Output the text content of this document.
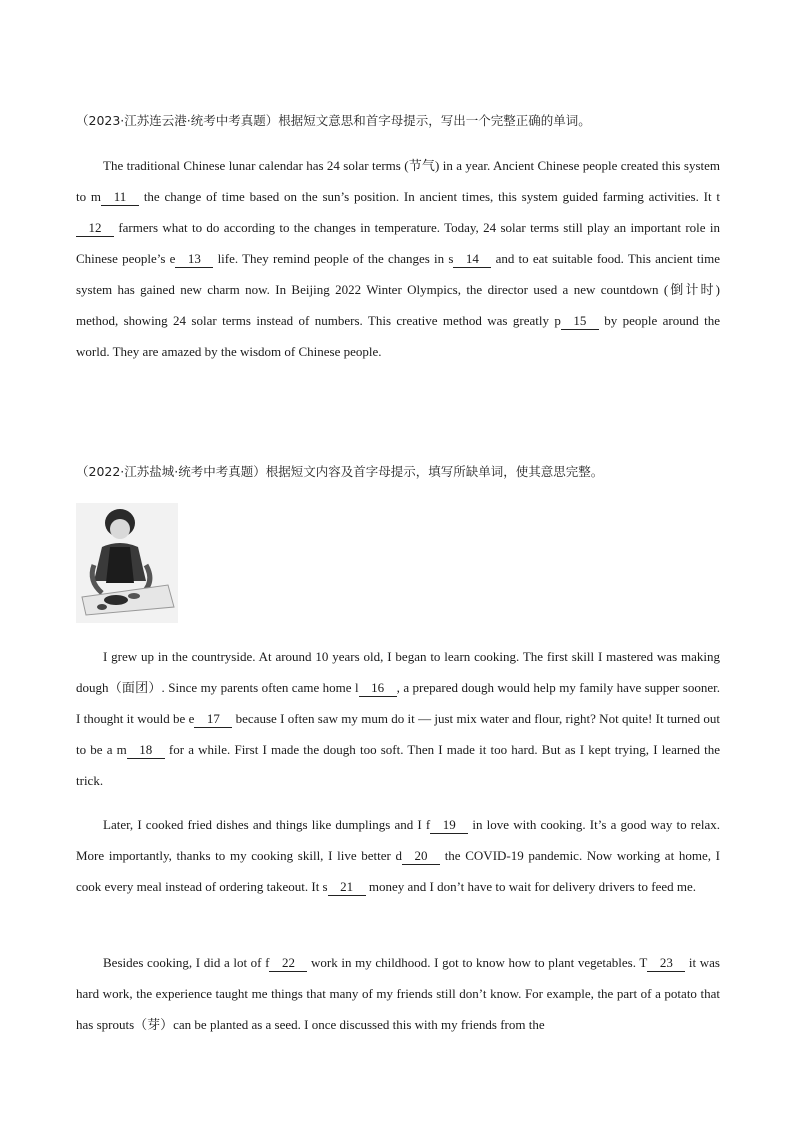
（2023·江苏连云港·统考中考真题）根据短文意思和首字母提示，写出一个完整正确的单词。

The traditional Chinese lunar calendar has 24 solar terms (节气) in a year. Ancient Chinese people created this system to m 11 the change of time based on the sun’s position. In ancient times, this system guided farming activities. It t12 farmers what to do according to the changes in temperature. Today, 24 solar terms still play an important role in Chinese people’s e 13 life. They remind people of the changes in s 14 and to eat suitable food. This ancient time system has gained new charm now. In Beijing 2022 Winter Olympics, the director used a new countdown (倒计时) method, showing 24 solar terms instead of numbers. This creative method was greatly p 15 by people around the world. They are amazed by the wisdom of Chinese people.

（2022·江苏盐城·统考中考真题）根据短文内容及首字母提示，填写所缺单词，使其意思完整。

I grew up in the countryside. At around 10 years old, I began to learn cooking. The first skill I mastered was making dough（面团）. Since my parents often came home l 16 , a prepared dough would help my family have supper sooner. I thought it would be e 17 because I often saw my mum do it — just mix water and flour, right? Not quite! It turned out to be a m 18 for a while. First I made the dough too soft. Then I made it too hard. But as I kept trying, I learned the trick.

Later, I cooked fried dishes and things like dumplings and I f 19 in love with cooking. It’s a good way to relax. More importantly, thanks to my cooking skill, I live better d 20 the COVID-19 pandemic. Now working at home, I cook every meal instead of ordering takeout. It s 21 money and I don’t have to wait for delivery drivers to feed me.

Besides cooking, I did a lot of f 22 work in my childhood. I got to know how to plant vegetables. T 23 it was hard work, the experience taught me things that many of my friends still don’t know. For example, the part of a potato that has sprouts（芽）can be planted as a seed. I once discussed this with my friends from the
